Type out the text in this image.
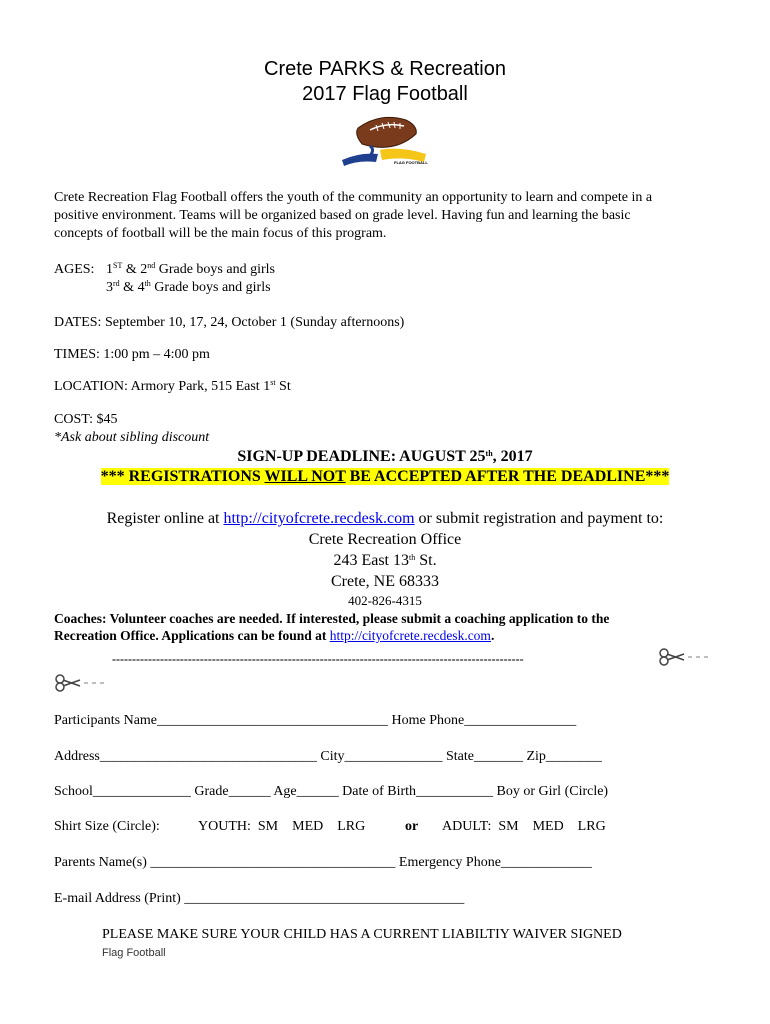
Crete PARKS & Recreation
2017 Flag Football
FLAG FOOTBALL
Crete Recreation Flag Football offers the youth of the community an opportunity to learn and compete in a
positive environment. Teams will be organized based on grade level. Having fun and learning the basic
concepts of football will be the main focus of this program.
AGES: 1ST & 2nd Grade boys and girls
3rd & 4th Grade boys and girls
DATES: September 10, 17, 24, October 1 (Sunday afternoons)
TIMES: 1:00 pm – 4:00 pm
LOCATION: Armory Park, 515 East 1st St
COST: $45
*Ask about sibling discount
SIGN-UP DEADLINE: AUGUST 25th, 2017
*** REGISTRATIONS WILL NOT BE ACCEPTED AFTER THE DEADLINE***
Register online at http://cityofcrete.recdesk.com or submit registration and payment to:
Crete Recreation Office
243 East 13th St.
Crete, NE 68333
402-826-4315
Coaches: Volunteer coaches are needed. If interested, please submit a coaching application to the
Recreation Office. Applications can be found at http://cityofcrete.recdesk.com.
-------------------------------------------------------------------------------------------------------
Participants Name_________________________________ Home Phone________________
Address_______________________________ City______________ State_______ Zip________
School______________ Grade______ Age______ Date of Birth___________ Boy or Girl (Circle)
Shirt Size (Circle):	YOUTH:  SM    MED    LRG	or ADULT:  SM    MED    LRG
Parents Name(s) ___________________________________ Emergency Phone_____________
E-mail Address (Print) ________________________________________
PLEASE MAKE SURE YOUR CHILD HAS A CURRENT LIABILTIY WAIVER SIGNED
Flag Football
